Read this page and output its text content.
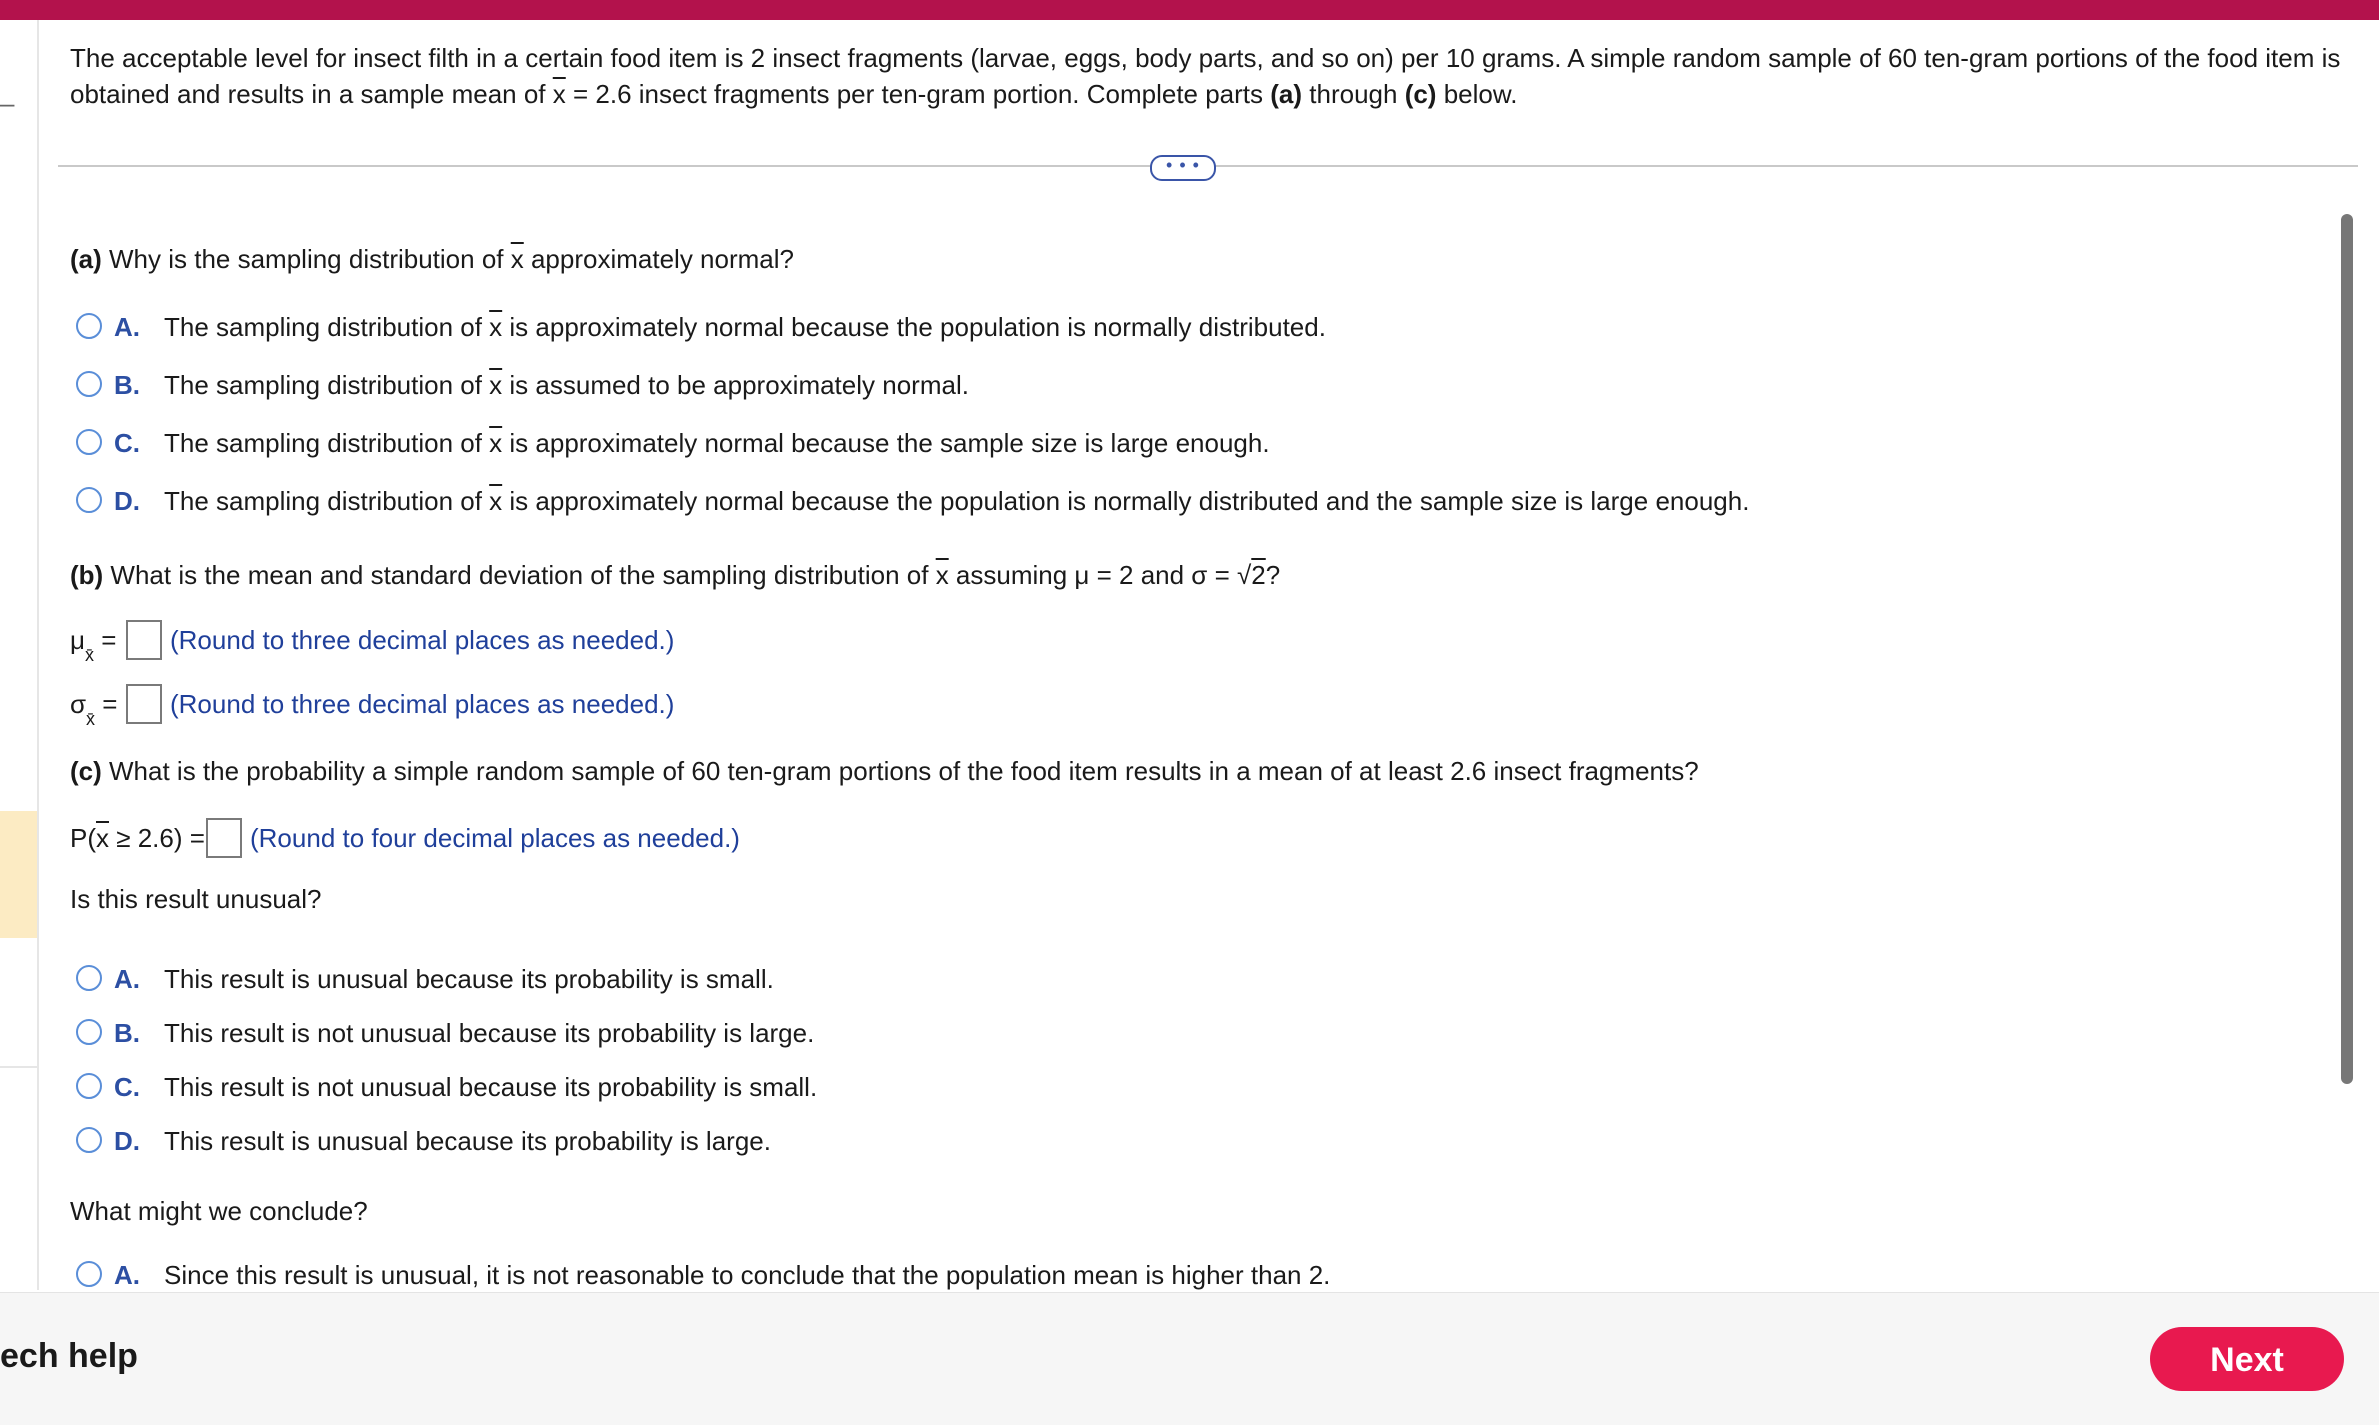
–
The acceptable level for insect filth in a certain food item is 2 insect fragments (larvae, eggs, body parts, and so on) per 10 grams. A simple random sample of 60 ten-gram portions of the food item is
obtained and results in a sample mean of $\overline{x} = 2.6$ insect fragments per ten-gram portion. Complete parts (a) through (c) below.
• • •
(a) Why is the sampling distribution of $\overline{x}$ approximately normal?
A. The sampling distribution of $\overline{x}$ is approximately normal because the population is normally distributed.
B. The sampling distribution of $\overline{x}$ is assumed to be approximately normal.
C. The sampling distribution of $\overline{x}$ is approximately normal because the sample size is large enough.
D. The sampling distribution of $\overline{x}$ is approximately normal because the population is normally distributed and the sample size is large enough.
(b) What is the mean and standard deviation of the sampling distribution of $\overline{x}$ assuming μ = 2 and σ = √2?
$\mu_{x̄}$ = (Round to three decimal places as needed.)
$\sigma_{x̄}$ = (Round to three decimal places as needed.)
(c) What is the probability a simple random sample of 60 ten-gram portions of the food item results in a mean of at least 2.6 insect fragments?
$P(\overline{x} \ge 2.6)$ = (Round to four decimal places as needed.)
Is this result unusual?
A. This result is unusual because its probability is small.
B. This result is not unusual because its probability is large.
C. This result is not unusual because its probability is small.
D. This result is unusual because its probability is large.
What might we conclude?
A. Since this result is unusual, it is not reasonable to conclude that the population mean is higher than 2.
ech help	Next
